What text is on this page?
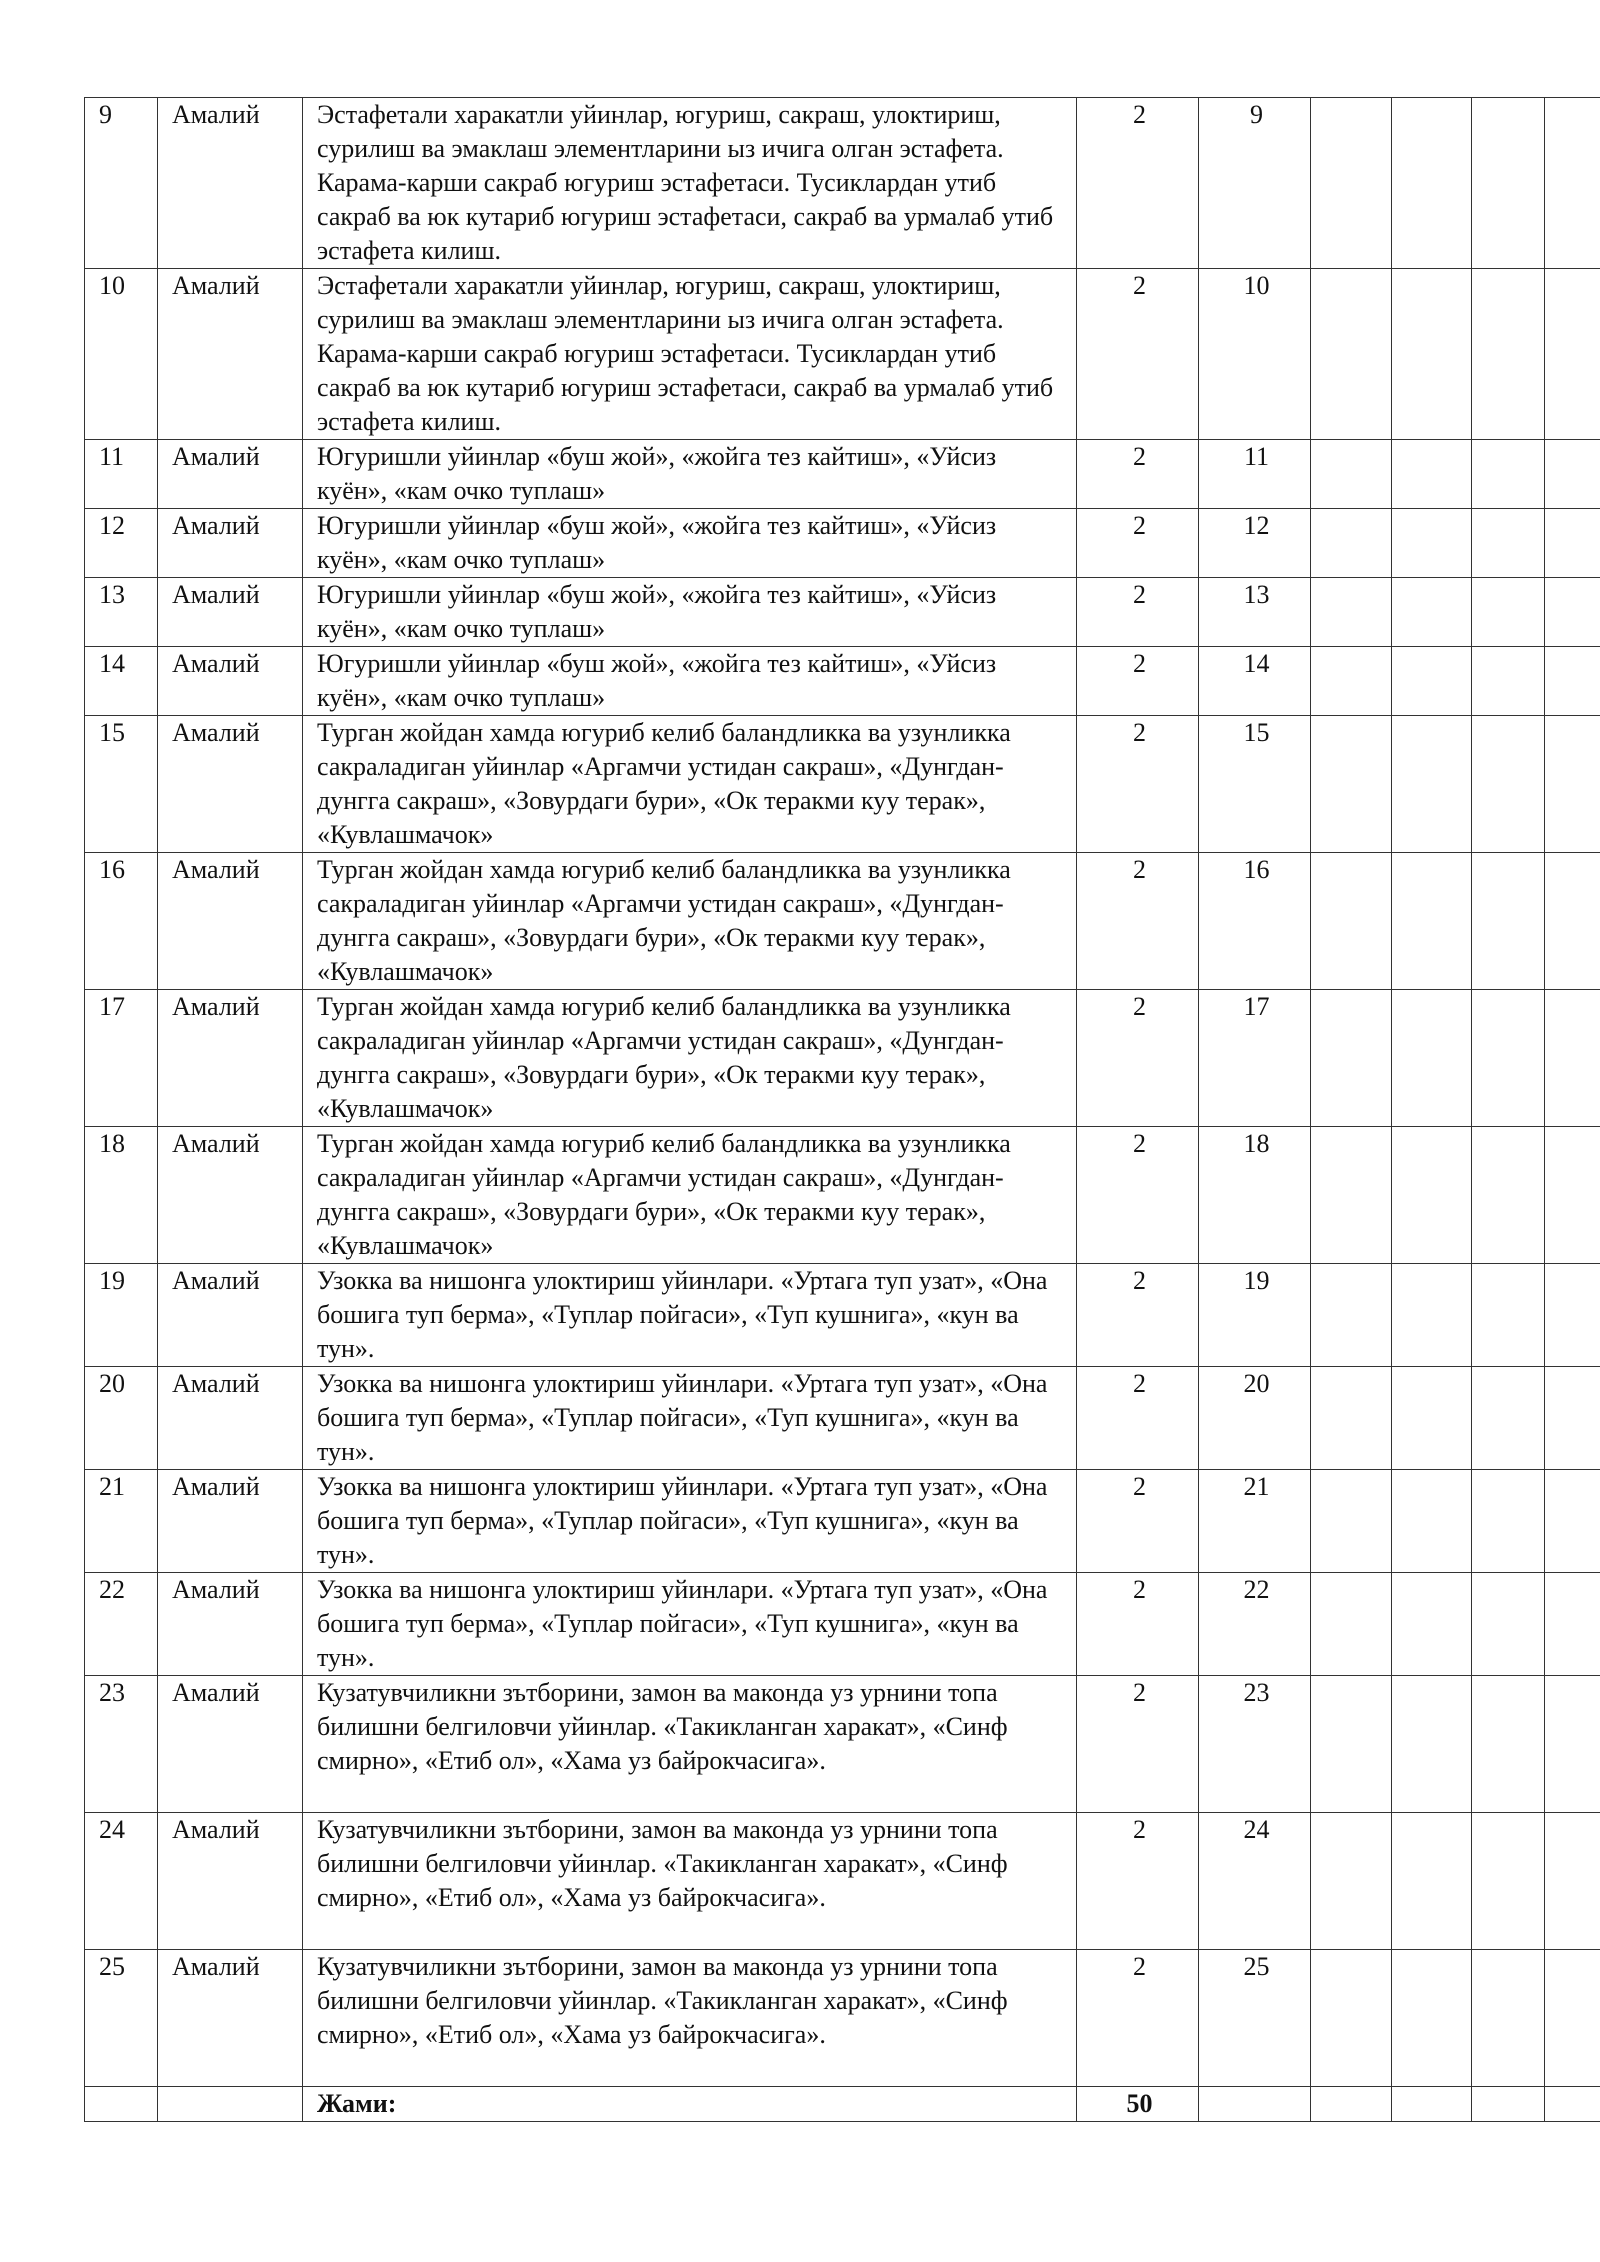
9	Амалий	Эстафетали харакатли уйинлар, югуриш, сакраш, улоктириш, сурилиш ва эмаклаш элементларини ыз ичига олган эстафета. Карама-карши сакраб югуриш эстафетаси. Тусиклардан утиб сакраб ва юк кутариб югуриш эстафетаси, сакраб ва урмалаб утиб эстафета килиш.	2	9				
10	Амалий	Эстафетали харакатли уйинлар, югуриш, сакраш, улоктириш, сурилиш ва эмаклаш элементларини ыз ичига олган эстафета. Карама-карши сакраб югуриш эстафетаси. Тусиклардан утиб сакраб ва юк кутариб югуриш эстафетаси, сакраб ва урмалаб утиб эстафета килиш.	2	10				
11	Амалий	Югуришли уйинлар «буш жой», «жойга тез кайтиш», «Уйсиз куён», «кам очко туплаш»	2	11				
12	Амалий	Югуришли уйинлар «буш жой», «жойга тез кайтиш», «Уйсиз куён», «кам очко туплаш»	2	12				
13	Амалий	Югуришли уйинлар «буш жой», «жойга тез кайтиш», «Уйсиз куён», «кам очко туплаш»	2	13				
14	Амалий	Югуришли уйинлар «буш жой», «жойга тез кайтиш», «Уйсиз куён», «кам очко туплаш»	2	14				
15	Амалий	Турган жойдан хамда югуриб келиб баландликка ва узунликка сакраладиган уйинлар «Аргамчи устидан сакраш», «Дунгдан-дунгга сакраш», «Зовурдаги бури», «Ок теракми куу терак», «Кувлашмачок»	2	15				
16	Амалий	Турган жойдан хамда югуриб келиб баландликка ва узунликка сакраладиган уйинлар «Аргамчи устидан сакраш», «Дунгдан-дунгга сакраш», «Зовурдаги бури», «Ок теракми куу терак», «Кувлашмачок»	2	16				
17	Амалий	Турган жойдан хамда югуриб келиб баландликка ва узунликка сакраладиган уйинлар «Аргамчи устидан сакраш», «Дунгдан-дунгга сакраш», «Зовурдаги бури», «Ок теракми куу терак», «Кувлашмачок»	2	17				
18	Амалий	Турган жойдан хамда югуриб келиб баландликка ва узунликка сакраладиган уйинлар «Аргамчи устидан сакраш», «Дунгдан-дунгга сакраш», «Зовурдаги бури», «Ок теракми куу терак», «Кувлашмачок»	2	18				
19	Амалий	Узокка ва нишонга улоктириш уйинлари. «Уртага туп узат», «Она бошига туп берма», «Туплар пойгаси», «Туп кушнига», «кун ва тун».	2	19				
20	Амалий	Узокка ва нишонга улоктириш уйинлари. «Уртага туп узат», «Она бошига туп берма», «Туплар пойгаси», «Туп кушнига», «кун ва тун».	2	20				
21	Амалий	Узокка ва нишонга улоктириш уйинлари. «Уртага туп узат», «Она бошига туп берма», «Туплар пойгаси», «Туп кушнига», «кун ва тун».	2	21				
22	Амалий	Узокка ва нишонга улоктириш уйинлари. «Уртага туп узат», «Она бошига туп берма», «Туплар пойгаси», «Туп кушнига», «кун ва тун».	2	22				
23	Амалий	Кузатувчиликни зътборини, замон ва маконда уз урнини топа билишни белгиловчи уйинлар. «Такикланган харакат», «Синф смирно», «Етиб ол», «Хама уз байрокчасига».	2	23				
24	Амалий	Кузатувчиликни зътборини, замон ва маконда уз урнини топа билишни белгиловчи уйинлар. «Такикланган харакат», «Синф смирно», «Етиб ол», «Хама уз байрокчасига».	2	24				
25	Амалий	Кузатувчиликни зътборини, замон ва маконда уз урнини топа билишни белгиловчи уйинлар. «Такикланган харакат», «Синф смирно», «Етиб ол», «Хама уз байрокчасига».	2	25				
		Жами:	50					
